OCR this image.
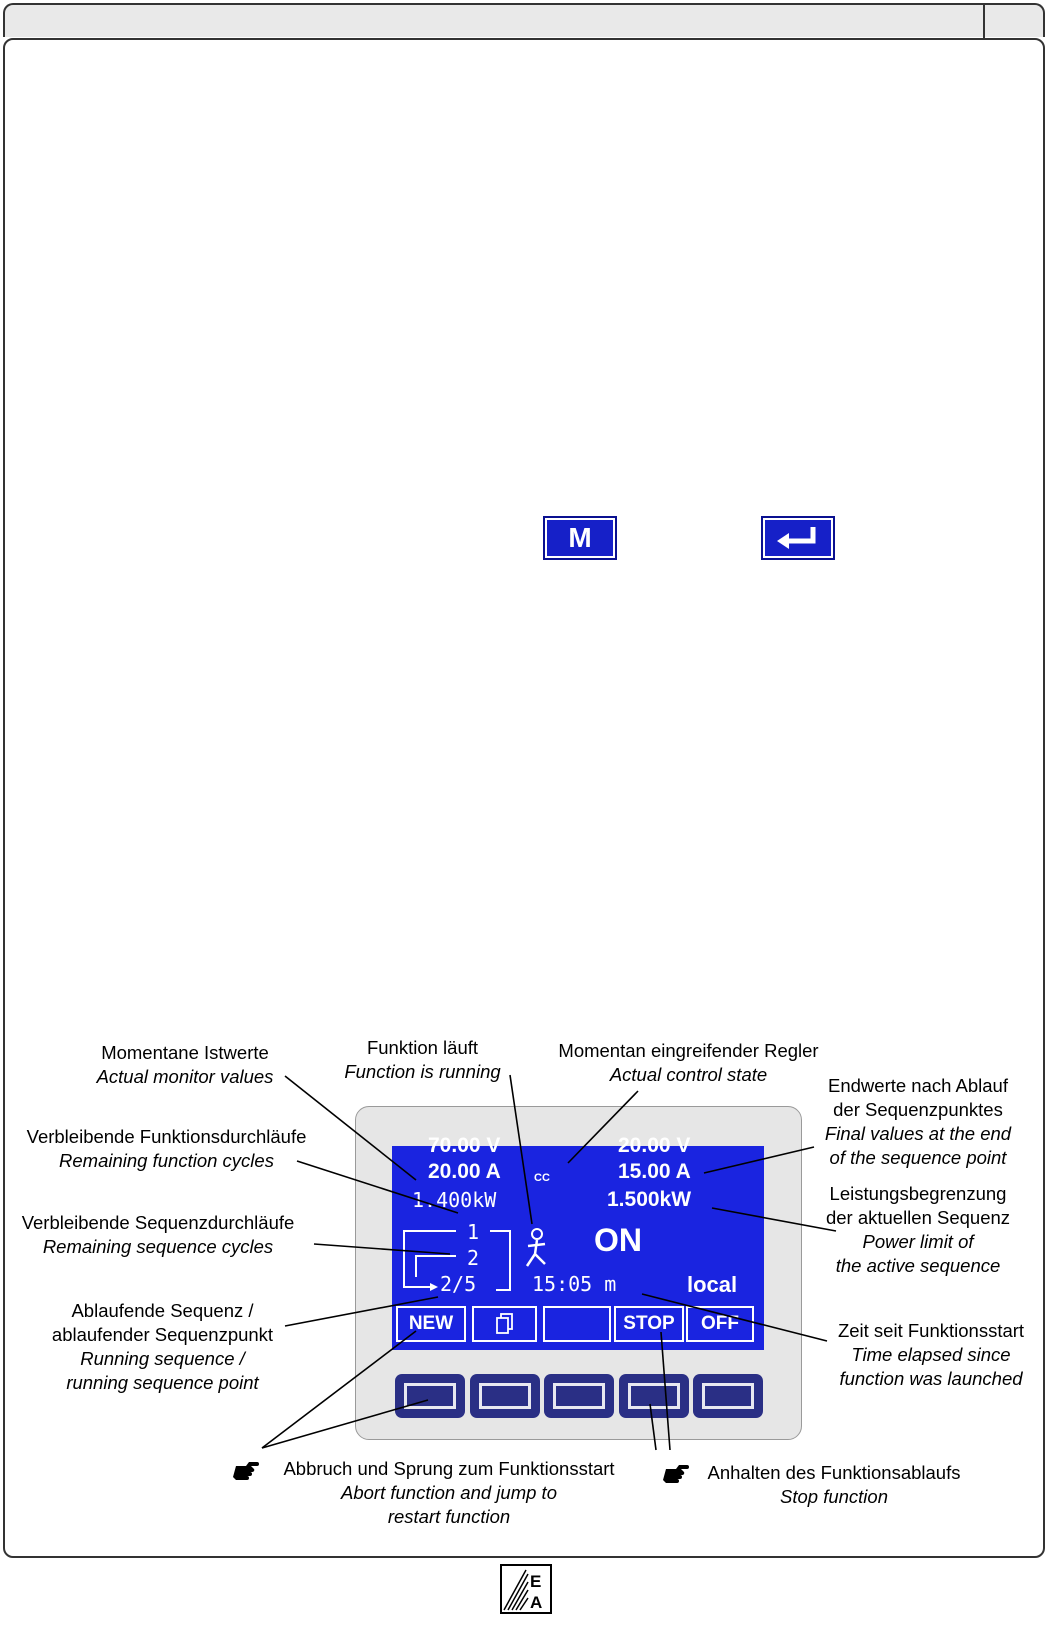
M
70.00 V
20.00 A
1.400kW
CC
20.00 V
15.00 A
1.500kW
1
2
2/5
ON
15:05 m	local
NEW	STOP	OFF
Momentane Istwerte
Actual monitor values
Funktion läuft
Function is running
Momentan eingreifender Regler
Actual control state
Verbleibende Funktionsdurchläufe
Remaining function cycles
Verbleibende Sequenzdurchläufe
Remaining sequence cycles
Ablaufende Sequenz /
ablaufender Sequenzpunkt
Running sequence /
running sequence point
Endwerte nach Ablauf
der Sequenzpunktes
Final values at the end
of the sequence point
Leistungsbegrenzung
der aktuellen Sequenz
Power limit of
the active sequence
Zeit seit Funktionsstart
Time elapsed since
function was launched
Abbruch und Sprung zum Funktionsstart
Abort function and jump to
restart function
Anhalten des Funktionsablaufs
Stop function
E
A
